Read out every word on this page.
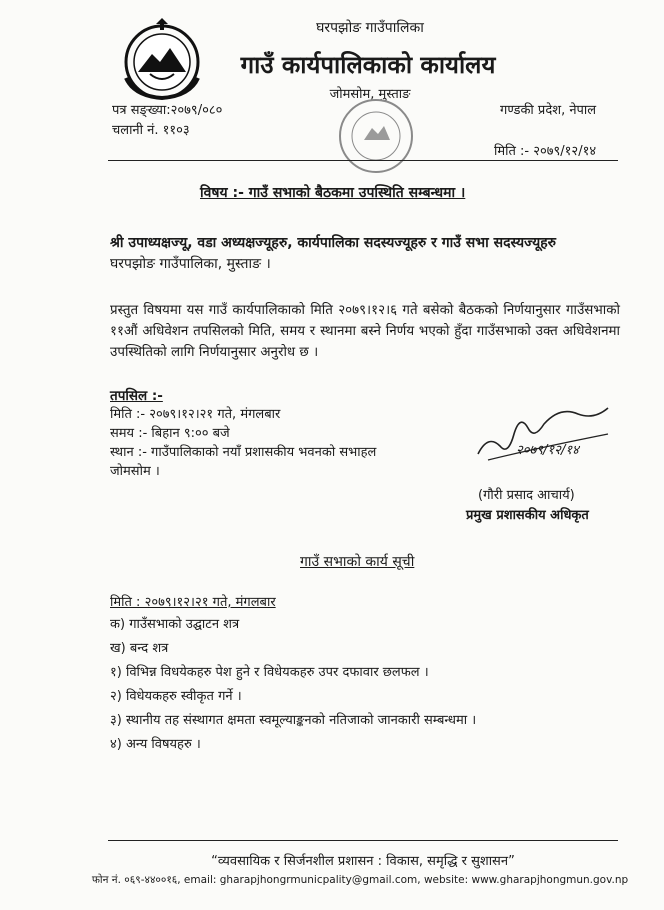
घरपझोङ गाउँपालिका
गाउँ कार्यपालिकाको कार्यालय
जोमसोम, मुस्ताङ
पत्र सङ्ख्या:२०७९/०८०	गण्डकी प्रदेश, नेपाल
चलानी नं. ११०३
मिति :- २०७९/१२/१४
विषय :- गाउँ सभाको बैठकमा उपस्थिति सम्बन्धमा ।
श्री उपाध्यक्षज्यू, वडा अध्यक्षज्यूहरु, कार्यपालिका सदस्यज्यूहरु र गाउँ सभा सदस्यज्यूहरु
घरपझोङ गाउँपालिका, मुस्ताङ ।
प्रस्तुत विषयमा यस गाउँ कार्यपालिकाको मिति २०७९।१२।६ गते बसेको बैठकको निर्णयानुसार गाउँसभाको ११औं अधिवेशन तपसिलको मिति, समय र स्थानमा बस्ने निर्णय भएको हुँदा गाउँसभाको उक्त अधिवेशनमा उपस्थितिको लागि निर्णयानुसार अनुरोध छ ।
तपसिल :-
मिति :- २०७९।१२।२१ गते, मंगलबार
समय :- बिहान ९:०० बजे
स्थान :- गाउँपालिकाको नयाँ प्रशासकीय भवनको सभाहल
जोमसोम ।
२०७९/१२/१४
(गौरी प्रसाद आचार्य)
प्रमुख प्रशासकीय अधिकृत
गाउँ सभाको कार्य सूची
मिति : २०७९।१२।२१ गते, मंगलबार
क) गाउँसभाको उद्घाटन शत्र
ख) बन्द शत्र
१) विभिन्न विधयेकहरु पेश हुने र विधेयकहरु उपर दफावार छलफल ।
२) विधेयकहरु स्वीकृत गर्ने ।
३) स्थानीय तह संस्थागत क्षमता स्वमूल्याङ्कनको नतिजाको जानकारी सम्बन्धमा ।
४) अन्य विषयहरु ।
“व्यवसायिक र सिर्जनशील प्रशासन : विकास, समृद्धि र सुशासन”
फोन नं. ०६९-४४००१६, email: gharapjhongrmunicpality@gmail.com, website: www.gharapjhongmun.gov.np
